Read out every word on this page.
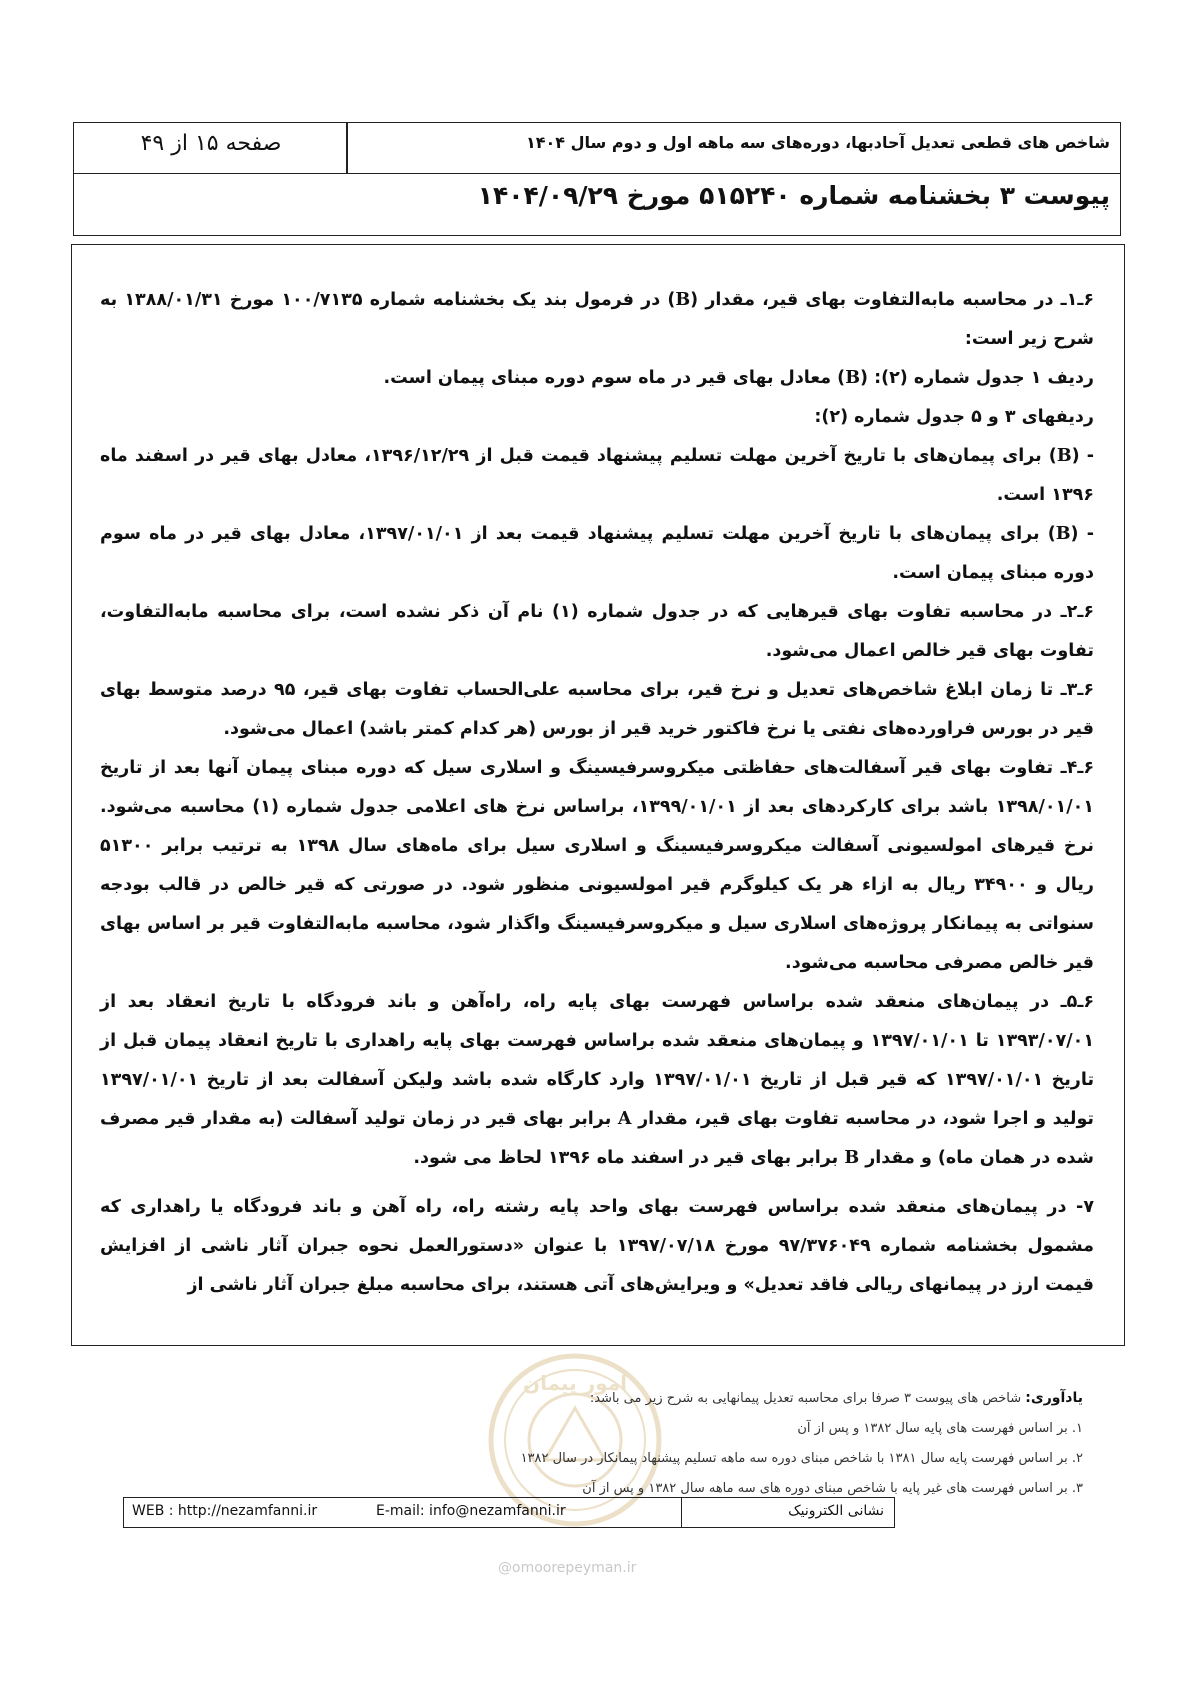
شاخص های قطعی تعدیل آحادبها، دوره‌های سه ماهه اول و دوم سال ۱۴۰۴
صفحه ۱۵ از ۴۹
پیوست ۳ بخشنامه شماره ۵۱۵۲۴۰ مورخ ۱۴۰۴/۰۹/۲۹

۶ـ۱ـ در محاسبه مابه‌التفاوت بهای قیر، مقدار (B) در فرمول بند یک بخشنامه شماره ۱۰۰/۷۱۳۵ مورخ ۱۳۸۸/۰۱/۳۱ به شرح زیر است:

ردیف ۱ جدول شماره (۲): (B) معادل بهای قیر در ماه سوم دوره مبنای پیمان است.

ردیفهای ۳ و ۵ جدول شماره (۲):

- (B) برای پیمان‌های با تاریخ آخرین مهلت تسلیم پیشنهاد قیمت قبل از ۱۳۹۶/۱۲/۲۹، معادل بهای قیر در اسفند ماه ۱۳۹۶ است.

- (B) برای پیمان‌های با تاریخ آخرین مهلت تسلیم پیشنهاد قیمت بعد از ۱۳۹۷/۰۱/۰۱، معادل بهای قیر در ماه سوم دوره مبنای پیمان است.

۶ـ۲ـ در محاسبه تفاوت بهای قیرهایی که در جدول شماره (۱) نام آن ذکر نشده است، برای محاسبه مابه‌التفاوت، تفاوت بهای قیر خالص اعمال می‌شود.

۶ـ۳ـ تا زمان ابلاغ شاخص‌های تعدیل و نرخ قیر، برای محاسبه علی‌الحساب تفاوت بهای قیر، ۹۵ درصد متوسط بهای قیر در بورس فراورده‌های نفتی یا نرخ فاکتور خرید قیر از بورس (هر کدام کمتر باشد) اعمال می‌شود.

۶ـ۴ـ تفاوت بهای قیر آسفالت‌های حفاظتی میکروسرفیسینگ و اسلاری سیل که دوره مبنای پیمان آنها بعد از تاریخ ۱۳۹۸/۰۱/۰۱ باشد برای کارکردهای بعد از ۱۳۹۹/۰۱/۰۱، براساس نرخ های اعلامی جدول شماره (۱) محاسبه می‌شود. نرخ قیرهای امولسیونی آسفالت میکروسرفیسینگ و اسلاری سیل برای ماه‌های سال ۱۳۹۸ به ترتیب برابر ۵۱۳۰۰ ریال و ۳۴۹۰۰ ریال به ازاء هر یک کیلوگرم قیر امولسیونی منظور شود. در صورتی که قیر خالص در قالب بودجه سنواتی به پیمانکار پروژه‌های اسلاری سیل و میکروسرفیسینگ واگذار شود، محاسبه مابه‌التفاوت قیر بر اساس بهای قیر خالص مصرفی محاسبه می‌شود.

۶ـ۵ـ در پیمان‌های منعقد شده براساس فهرست بهای پایه راه، راه‌آهن و باند فرودگاه با تاریخ انعقاد بعد از ۱۳۹۳/۰۷/۰۱ تا ۱۳۹۷/۰۱/۰۱ و پیمان‌های منعقد شده براساس فهرست بهای پایه راهداری با تاریخ انعقاد پیمان قبل از تاریخ ۱۳۹۷/۰۱/۰۱ که قیر قبل از تاریخ ۱۳۹۷/۰۱/۰۱ وارد کارگاه شده باشد ولیکن آسفالت بعد از تاریخ ۱۳۹۷/۰۱/۰۱ تولید و اجرا شود، در محاسبه تفاوت بهای قیر، مقدار A برابر بهای قیر در زمان تولید آسفالت (به مقدار قیر مصرف شده در همان ماه) و مقدار B برابر بهای قیر در اسفند ماه ۱۳۹۶ لحاظ می شود.

۷- در پیمان‌های منعقد شده براساس فهرست بهای واحد پایه رشته راه، راه آهن و باند فرودگاه یا راهداری که مشمول بخشنامه شماره ۹۷/۳۷۶۰۴۹ مورخ ۱۳۹۷/۰۷/۱۸ با عنوان «دستورالعمل نحوه جبران آثار ناشی از افزایش قیمت ارز در پیمانهای ریالی فاقد تعدیل» و ویرایش‌های آتی هستند، برای محاسبه مبلغ جبران آثار ناشی از

امور پیمان

یادآوری: شاخص های پیوست ۳ صرفا برای محاسبه تعدیل پیمانهایی به شرح زیر می باشد:

۱. بر اساس فهرست های پایه سال ۱۳۸۲ و پس از آن

۲. بر اساس فهرست پایه سال ۱۳۸۱ با شاخص مبنای دوره سه ماهه تسلیم پیشنهاد پیمانکار در سال ۱۳۸۲

۳. بر اساس فهرست های غیر پایه با شاخص مبنای دوره های سه ماهه سال ۱۳۸۲ و پس از آن

نشانی الکترونیک
E-mail: info@nezamfanni.ir
WEB : http://nezamfanni.ir
@omoorepeyman.ir
